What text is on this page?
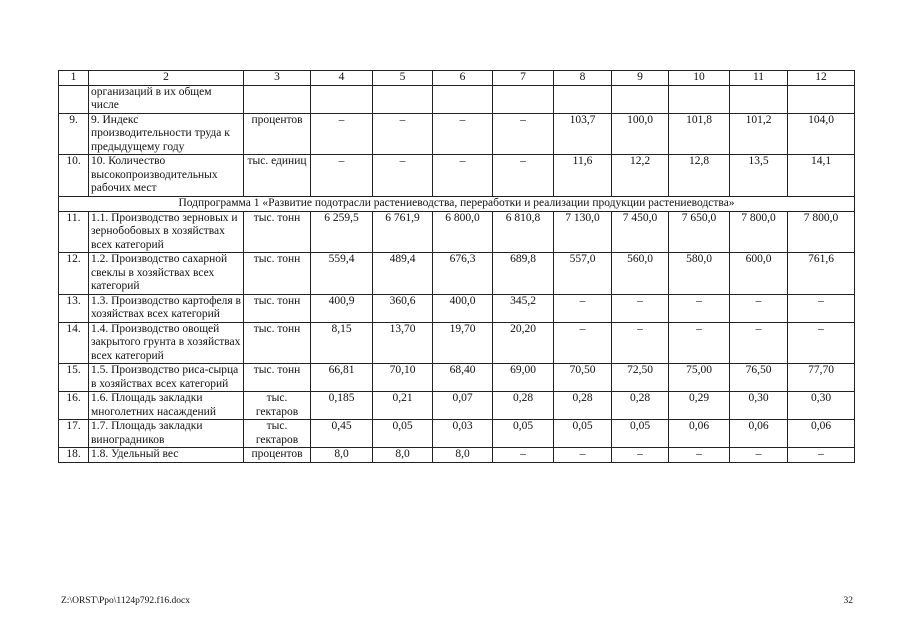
1	2	3	4	5	6	7	8	9	10	11	12
	организаций в их общем числе										
9.	9. Индекс производительности труда к предыдущему году	процентов	–	–	–	–	103,7	100,0	101,8	101,2	104,0
10.	10. Количество высокопроизводительных рабочих мест	тыс. единиц	–	–	–	–	11,6	12,2	12,8	13,5	14,1
Подпрограмма 1 «Развитие подотрасли растениеводства, переработки и реализации продукции растениеводства»											
11.	1.1. Производство зерновых и зернобобовых в хозяйствах всех категорий	тыс. тонн	6 259,5	6 761,9	6 800,0	6 810,8	7 130,0	7 450,0	7 650,0	7 800,0	7 800,0
12.	1.2. Производство сахарной свеклы в хозяйствах всех категорий	тыс. тонн	559,4	489,4	676,3	689,8	557,0	560,0	580,0	600,0	761,6
13.	1.3. Производство картофеля в хозяйствах всех категорий	тыс. тонн	400,9	360,6	400,0	345,2	–	–	–	–	–
14.	1.4. Производство овощей закрытого грунта в хозяйствах всех категорий	тыс. тонн	8,15	13,70	19,70	20,20	–	–	–	–	–
15.	1.5. Производство риса-сырца в хозяйствах всех категорий	тыс. тонн	66,81	70,10	68,40	69,00	70,50	72,50	75,00	76,50	77,70
16.	1.6. Площадь закладки многолетних насаждений	тыс. гектаров	0,185	0,21	0,07	0,28	0,28	0,28	0,29	0,30	0,30
17.	1.7. Площадь закладки виноградников	тыс. гектаров	0,45	0,05	0,03	0,05	0,05	0,05	0,06	0,06	0,06
18.	1.8. Удельный вес	процентов	8,0	8,0	8,0	–	–	–	–	–	–
Z:\ORST\Ppo\1124p792.f16.docx	32
